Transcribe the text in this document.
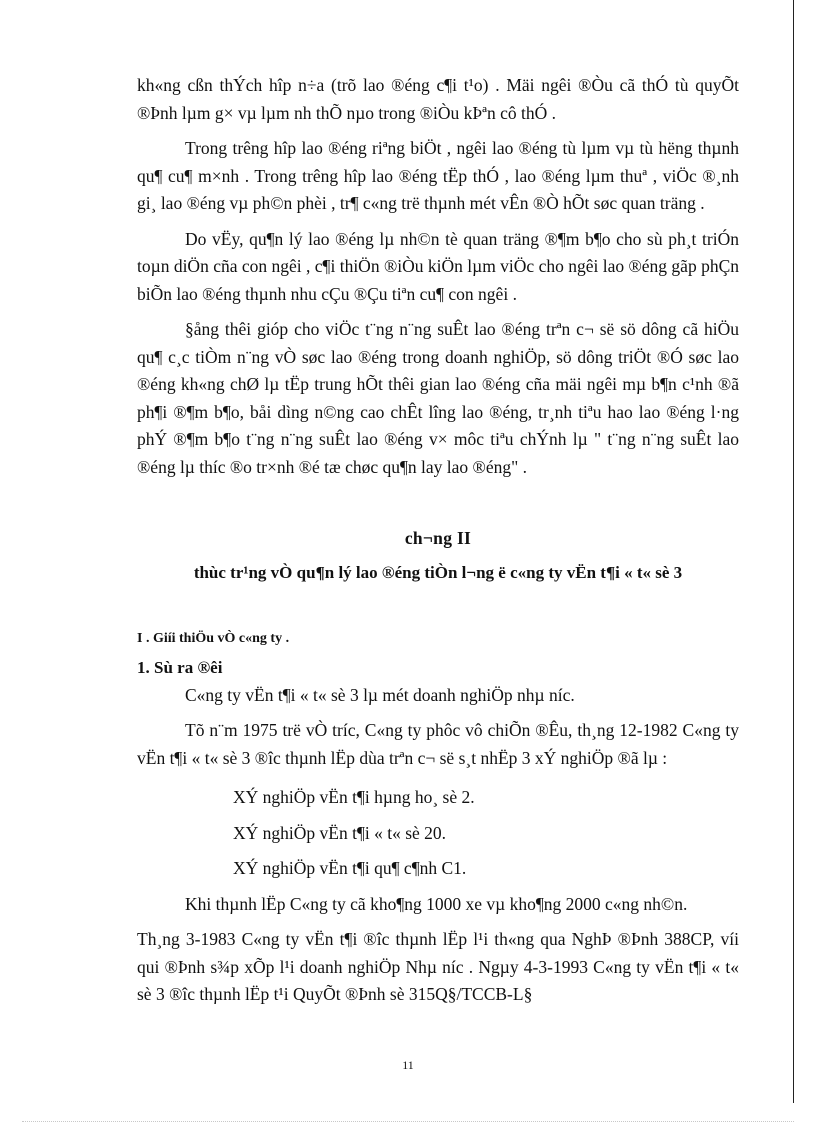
kh«ng cßn thÝch hîp n÷a (trõ lao ®éng c¶i t¹o) . Mäi ngêi ®Òu cã thÓ tù quyÕt ®Þnh lµm g× vµ lµm nh thÕ nµo trong ®iÒu kÞªn cô thÓ .

Trong trêng hîp lao ®éng riªng biÖt , ngêi lao ®éng tù lµm vµ tù hëng thµnh qu¶ cu¶ m×nh . Trong trêng hîp lao ®éng tËp thÓ , lao ®éng lµm thuª , viÖc ®¸nh gi¸ lao ®éng vµ ph©n phèi , tr¶ c«ng trë thµnh mét vÊn ®Ò hÕt søc quan träng .

Do vËy, qu¶n lý lao ®éng lµ nh©n tè quan träng ®¶m b¶o cho sù ph¸t triÓn toµn diÖn cña con ngêi , c¶i thiÖn ®iÒu kiÖn lµm viÖc cho ngêi lao ®éng gãp phÇn biÕn lao ®éng thµnh nhu cÇu ®Çu tiªn cu¶ con ngêi .

§ång thêi gióp cho viÖc t¨ng n¨ng suÊt lao ®éng trªn c¬ së sö dông cã hiÖu qu¶ c¸c tiÒm n¨ng vÒ søc lao ®éng trong doanh nghiÖp, sö dông triÖt ®Ó søc lao ®éng kh«ng chØ lµ tËp trung hÕt thêi gian lao ®éng cña mäi ngêi mµ b¶n c¹nh ®ã ph¶i ®¶m b¶o, båi dìng n©ng cao chÊt lîng lao ®éng, tr¸nh tiªu hao lao ®éng l·ng phÝ ®¶m b¶o t¨ng n¨ng suÊt lao ®éng v× môc tiªu chÝnh lµ " t¨ng n¨ng suÊt lao ®éng lµ thíc ®o tr×nh ®é tæ chøc qu¶n lay lao ®éng" .

ch¬ng II
thùc tr¹ng vÒ qu¶n lý lao ®éng tiÒn l¬ng ë c«ng ty vËn t¶i « t« sè 3
I . Giíi thiÖu vÒ c«ng ty .
1. Sù ra ®êi

C«ng ty vËn t¶i « t« sè 3 lµ mét doanh nghiÖp nhµ níc.

Tõ n¨m 1975 trë vÒ tríc, C«ng ty phôc vô chiÕn ®Êu, th¸ng 12-1982 C«ng ty vËn t¶i « t« sè 3 ®îc thµnh lËp dùa trªn c¬ së s¸t nhËp 3 xÝ nghiÖp ®ã lµ :

XÝ nghiÖp vËn t¶i hµng ho¸ sè 2.
XÝ nghiÖp vËn t¶i « t« sè 20.
XÝ nghiÖp vËn t¶i qu¶ c¶nh C1.

Khi thµnh lËp C«ng ty cã kho¶ng 1000 xe vµ kho¶ng 2000 c«ng nh©n.

Th¸ng 3-1983 C«ng ty vËn t¶i ®îc thµnh lËp l¹i th«ng qua NghÞ ®Þnh 388CP, víi qui ®Þnh s¾p xÕp l¹i doanh nghiÖp Nhµ níc . Ngµy 4-3-1993 C«ng ty vËn t¶i « t« sè 3 ®îc thµnh lËp t¹i QuyÕt ®Þnh sè 315Q§/TCCB-L§

11
